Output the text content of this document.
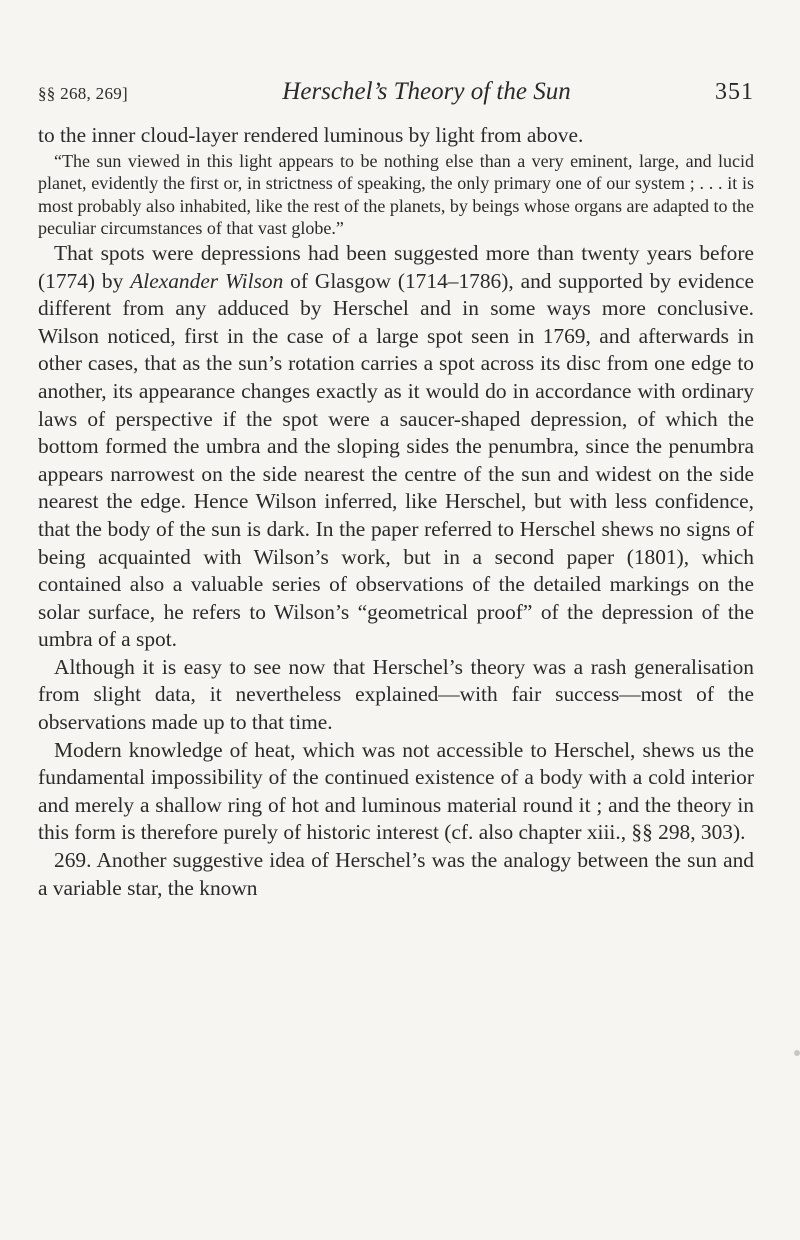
§§ 268, 269]	Herschel’s Theory of the Sun	351

to the inner cloud-layer rendered luminous by light from above.

“The sun viewed in this light appears to be nothing else than a very eminent, large, and lucid planet, evidently the first or, in strictness of speaking, the only primary one of our system ; . . . it is most probably also inhabited, like the rest of the planets, by beings whose organs are adapted to the peculiar circumstances of that vast globe.”

That spots were depressions had been suggested more than twenty years before (1774) by Alexander Wilson of Glasgow (1714–1786), and supported by evidence different from any adduced by Herschel and in some ways more conclusive. Wilson noticed, first in the case of a large spot seen in 1769, and afterwards in other cases, that as the sun’s rotation carries a spot across its disc from one edge to another, its appearance changes exactly as it would do in accordance with ordinary laws of perspective if the spot were a saucer-shaped depression, of which the bottom formed the umbra and the sloping sides the penumbra, since the penumbra appears narrowest on the side nearest the centre of the sun and widest on the side nearest the edge. Hence Wilson inferred, like Herschel, but with less confidence, that the body of the sun is dark. In the paper referred to Herschel shews no signs of being acquainted with Wilson’s work, but in a second paper (1801), which contained also a valuable series of observations of the detailed markings on the solar surface, he refers to Wilson’s “geometrical proof” of the depression of the umbra of a spot.

Although it is easy to see now that Herschel’s theory was a rash generalisation from slight data, it nevertheless explained—with fair success—most of the observations made up to that time.

Modern knowledge of heat, which was not accessible to Herschel, shews us the fundamental impossibility of the continued existence of a body with a cold interior and merely a shallow ring of hot and luminous material round it ; and the theory in this form is therefore purely of historic interest (cf. also chapter xiii., §§ 298, 303).

269. Another suggestive idea of Herschel’s was the analogy between the sun and a variable star, the known
